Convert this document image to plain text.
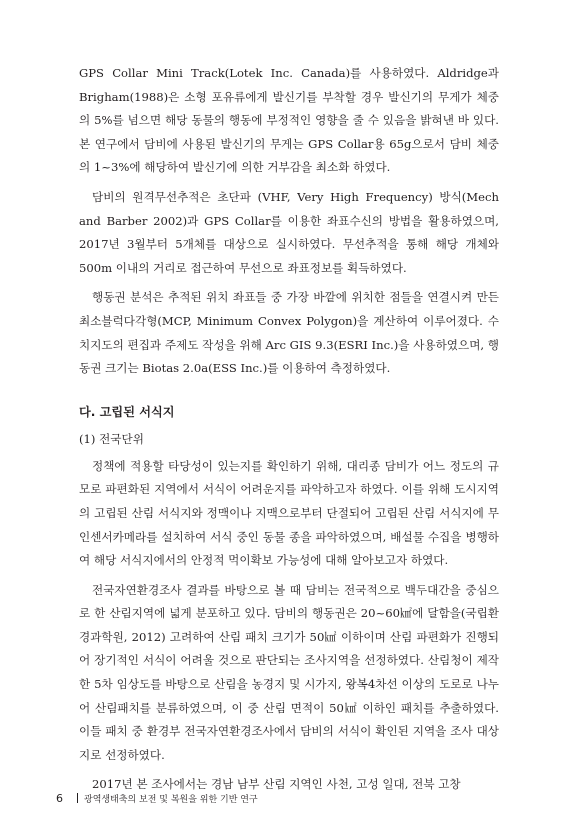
GPS Collar Mini Track(Lotek Inc. Canada)를 사용하였다. Aldridge과 Brigham(1988)은 소형 포유류에게 발신기를 부착할 경우 발신기의 무게가 체중의 5%를 넘으면 해당 동물의 행동에 부정적인 영향을 줄 수 있음을 밝혀낸 바 있다. 본 연구에서 담비에 사용된 발신기의 무게는 GPS Collar용 65g으로서 담비 체중의 1~3%에 해당하여 발신기에 의한 거부감을 최소화 하였다.

담비의 원격무선추적은 초단파 (VHF, Very High Frequency) 방식(Mech and Barber 2002)과 GPS Collar를 이용한 좌표수신의 방법을 활용하였으며, 2017년 3월부터 5개체를 대상으로 실시하였다. 무선추적을 통해 해당 개체와 500m 이내의 거리로 접근하여 무선으로 좌표정보를 획득하였다.

행동권 분석은 추적된 위치 좌표들 중 가장 바깥에 위치한 점들을 연결시켜 만든 최소블럭다각형(MCP, Minimum Convex Polygon)을 계산하여 이루어졌다. 수치지도의 편집과 주제도 작성을 위해 Arc GIS 9.3(ESRI Inc.)을 사용하였으며, 행동권 크기는 Biotas 2.0a(ESS Inc.)를 이용하여 측정하였다.

다. 고립된 서식지
(1) 전국단위

정책에 적용할 타당성이 있는지를 확인하기 위해, 대리종 담비가 어느 정도의 규모로 파편화된 지역에서 서식이 어려운지를 파악하고자 하였다. 이를 위해 도시지역의 고립된 산림 서식지와 정맥이나 지맥으로부터 단절되어 고립된 산림 서식지에 무인센서카메라를 설치하여 서식 중인 동물 종을 파악하였으며, 배설물 수집을 병행하여 해당 서식지에서의 안정적 먹이확보 가능성에 대해 알아보고자 하였다.

전국자연환경조사 결과를 바탕으로 볼 때 담비는 전국적으로 백두대간을 중심으로 한 산림지역에 넓게 분포하고 있다. 담비의 행동권은 20~60㎢에 달함을(국립환경과학원, 2012) 고려하여 산림 패치 크기가 50㎢ 이하이며 산림 파편화가 진행되어 장기적인 서식이 어려울 것으로 판단되는 조사지역을 선정하였다. 산림청이 제작한 5차 임상도를 바탕으로 산림을 농경지 및 시가지, 왕복4차선 이상의 도로로 나누어 산림패치를 분류하였으며, 이 중 산림 면적이 50㎢ 이하인 패치를 추출하였다. 이들 패치 중 환경부 전국자연환경조사에서 담비의 서식이 확인된 지역을 조사 대상지로 선정하였다.

2017년 본 조사에서는 경남 남부 산림 지역인 사천, 고성 일대, 전북 고창

6 광역생태축의 보전 및 복원을 위한 기반 연구
